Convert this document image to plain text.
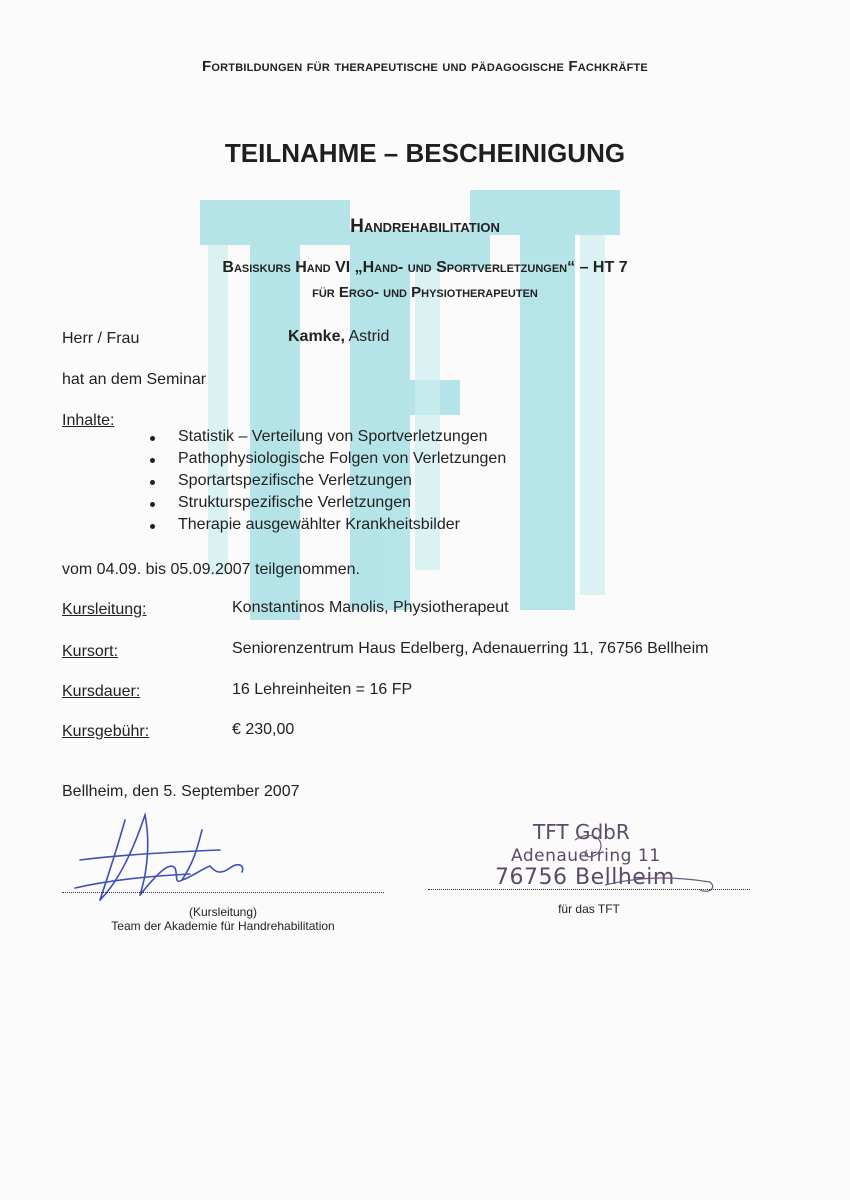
Fortbildungen für therapeutische und pädagogische Fachkräfte
TEILNAHME – BESCHEINIGUNG
Handrehabilitation
Basiskurs Hand VI „Hand- und Sportverletzungen“ – HT 7
für Ergo- und Physiotherapeuten
Herr / Frau	Kamke, Astrid
hat an dem Seminar
Inhalte:
Statistik – Verteilung von Sportverletzungen
Pathophysiologische Folgen von Verletzungen
Sportartspezifische Verletzungen
Strukturspezifische Verletzungen
Therapie ausgewählter Krankheitsbilder
vom 04.09. bis 05.09.2007 teilgenommen.
Kursleitung:	Konstantinos Manolis, Physiotherapeut
Kursort:	Seniorenzentrum Haus Edelberg, Adenauerring 11, 76756 Bellheim
Kursdauer:	16 Lehreinheiten = 16 FP
Kursgebühr:	€ 230,00
Bellheim, den 5. September 2007
(Kursleitung)
Team der Akademie für Handrehabilitation
TFT GdbR
Adenauerring 11
76756 Bellheim
für das TFT
